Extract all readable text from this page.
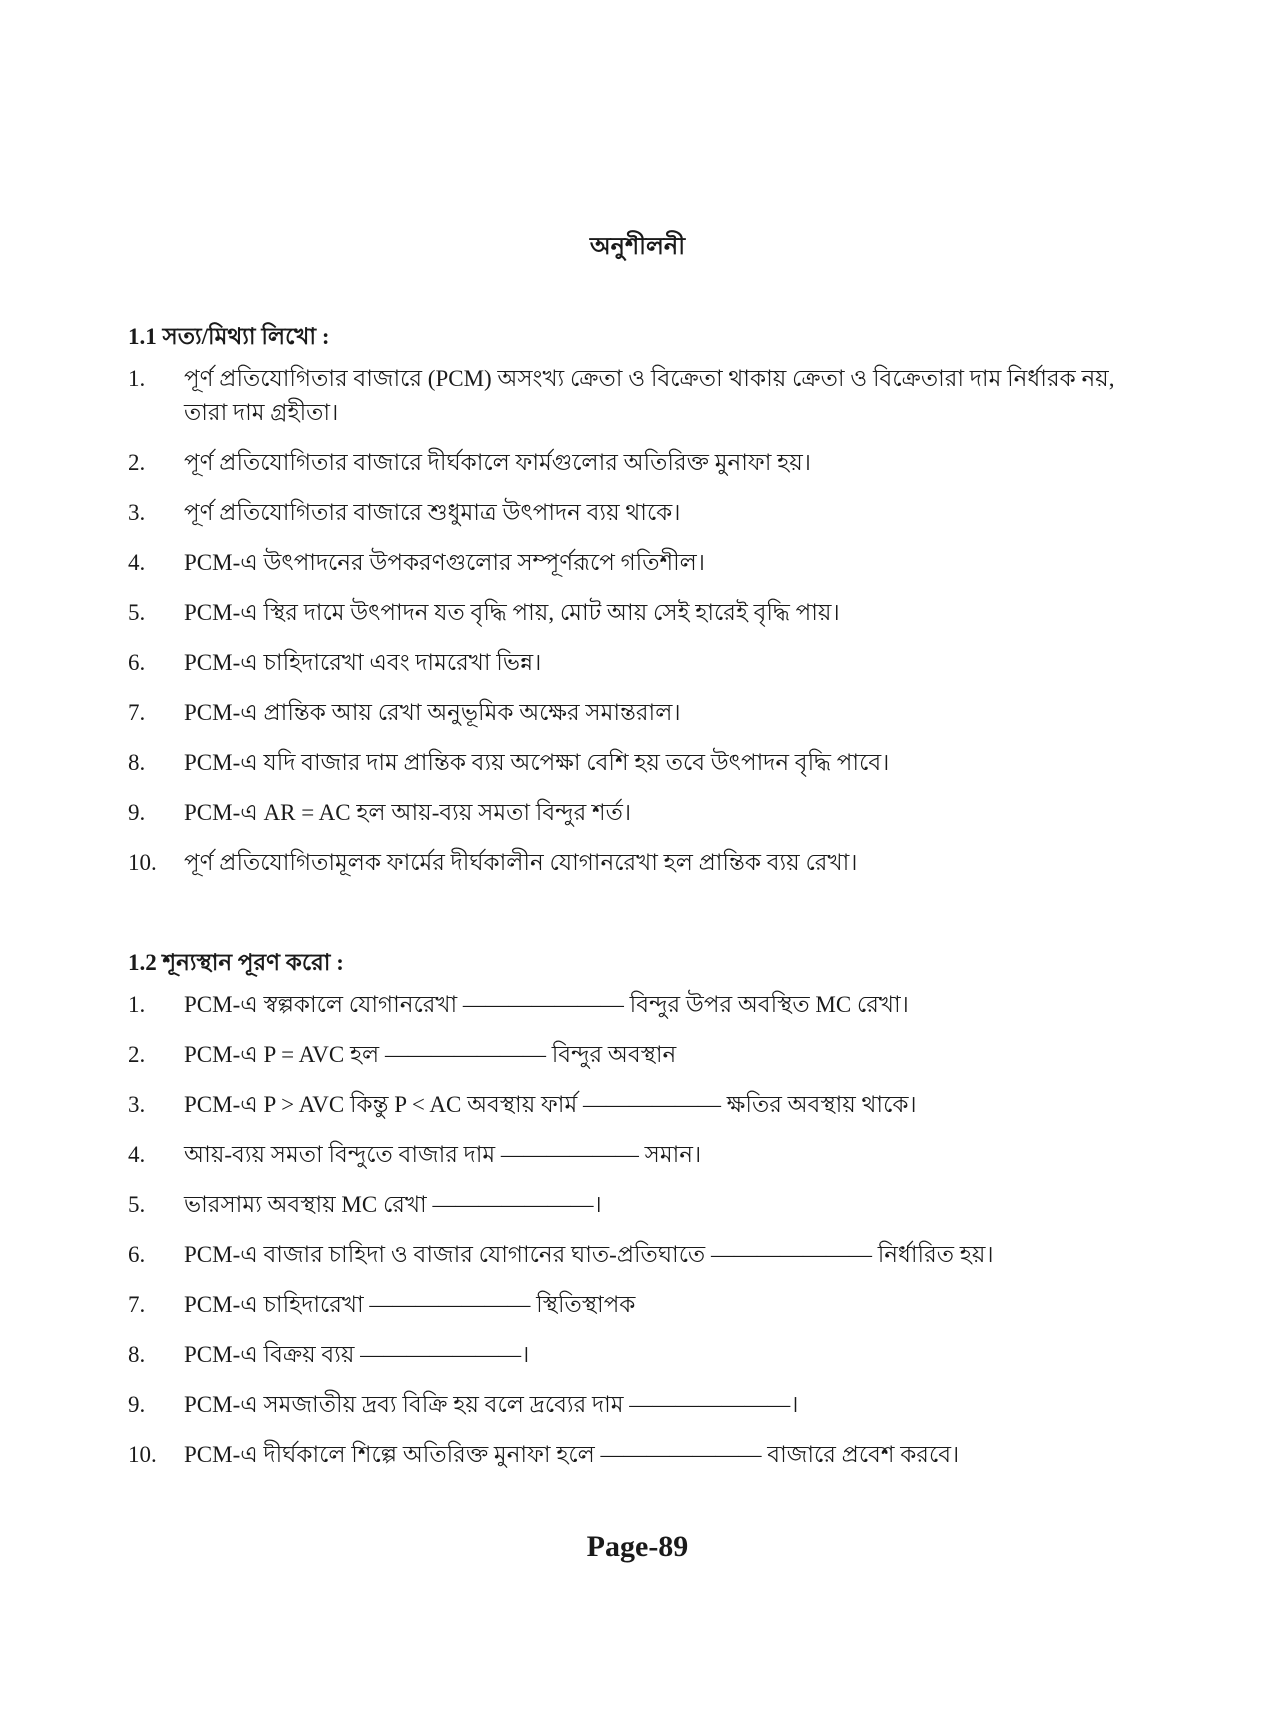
অনুশীলনী
1.1 সত্য/মিথ্যা লিখো :
1.	পূর্ণ প্রতিযোগিতার বাজারে (PCM) অসংখ্য ক্রেতা ও বিক্রেতা থাকায় ক্রেতা ও বিক্রেতারা দাম নির্ধারক নয়, তারা দাম গ্রহীতা।
2.	পূর্ণ প্রতিযোগিতার বাজারে দীর্ঘকালে ফার্মগুলোর অতিরিক্ত মুনাফা হয়।
3.	পূর্ণ প্রতিযোগিতার বাজারে শুধুমাত্র উৎপাদন ব্যয় থাকে।
4.	PCM-এ উৎপাদনের উপকরণগুলোর সম্পূর্ণরূপে গতিশীল।
5.	PCM-এ স্থির দামে উৎপাদন যত বৃদ্ধি পায়, মোট আয় সেই হারেই বৃদ্ধি পায়।
6.	PCM-এ চাহিদারেখা এবং দামরেখা ভিন্ন।
7.	PCM-এ প্রান্তিক আয় রেখা অনুভূমিক অক্ষের সমান্তরাল।
8.	PCM-এ যদি বাজার দাম প্রান্তিক ব্যয় অপেক্ষা বেশি হয় তবে উৎপাদন বৃদ্ধি পাবে।
9.	PCM-এ AR = AC হল আয়-ব্যয় সমতা বিন্দুর শর্ত।
10.	পূর্ণ প্রতিযোগিতামূলক ফার্মের দীর্ঘকালীন যোগানরেখা হল প্রান্তিক ব্যয় রেখা।
1.2 শূন্যস্থান পূরণ করো :
1.	PCM-এ স্বল্পকালে যোগানরেখা ——————— বিন্দুর উপর অবস্থিত MC রেখা।
2.	PCM-এ P = AVC হল ——————— বিন্দুর অবস্থান
3.	PCM-এ P > AVC কিন্তু P < AC অবস্থায় ফার্ম —————— ক্ষতির অবস্থায় থাকে।
4.	আয়-ব্যয় সমতা বিন্দুতে বাজার দাম —————— সমান।
5.	ভারসাম্য অবস্থায় MC রেখা ———————।
6.	PCM-এ বাজার চাহিদা ও বাজার যোগানের ঘাত-প্রতিঘাতে ——————— নির্ধারিত হয়।
7.	PCM-এ চাহিদারেখা ——————— স্থিতিস্থাপক
8.	PCM-এ বিক্রয় ব্যয় ———————।
9.	PCM-এ সমজাতীয় দ্রব্য বিক্রি হয় বলে দ্রব্যের দাম ———————।
10.	PCM-এ দীর্ঘকালে শিল্পে অতিরিক্ত মুনাফা হলে ——————— বাজারে প্রবেশ করবে।
Page-89
